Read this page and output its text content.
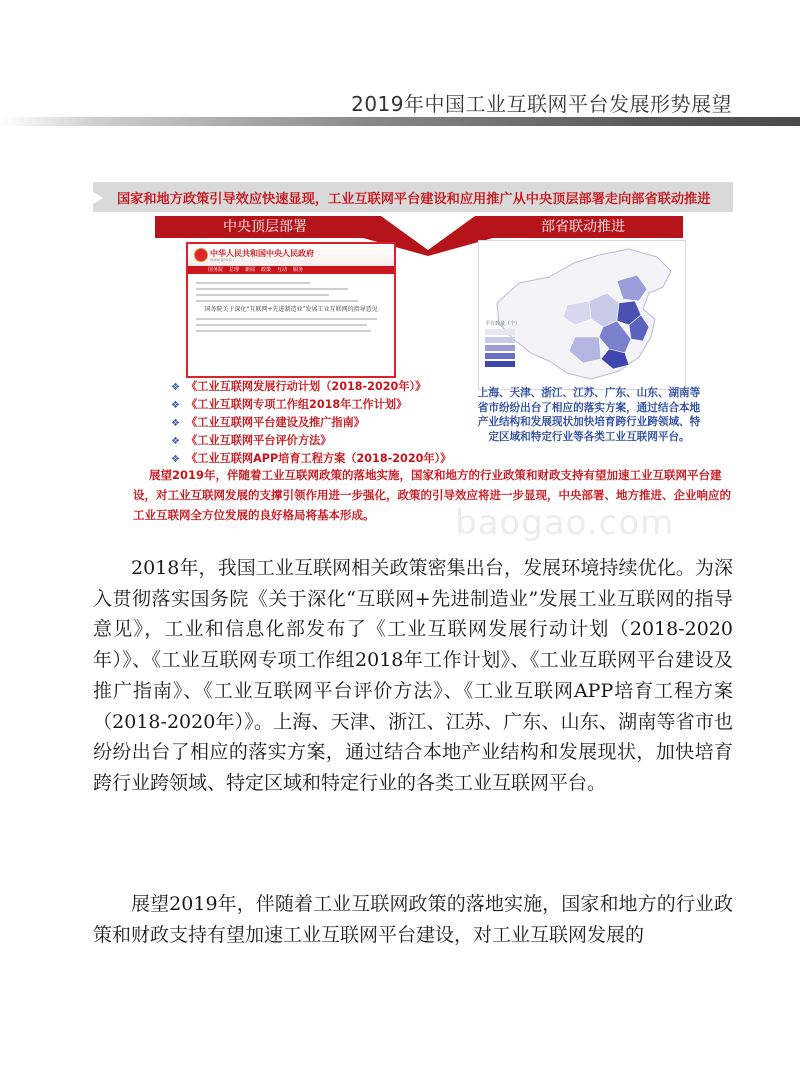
2019年中国工业互联网平台发展形势展望
国家和地方政策引导效应快速显现，工业互联网平台建设和应用推广从中央顶层部署走向部省联动推进
中央顶层部署	部省联动推进
中华人民共和国中央人民政府
www.gov.cn
国务院 总理 新闻 政策 互动 服务
国务院关于深化“互联网+先进制造业”发展工业互联网的指导意见
❖ 《工业互联网发展行动计划（2018-2020年）》
❖ 《工业互联网专项工作组2018年工作计划》
❖ 《工业互联网平台建设及推广指南》
❖ 《工业互联网平台评价方法》
❖ 《工业互联网APP培育工程方案（2018-2020年）》
平台数量（个）
上海、天津、浙江、江苏、广东、山东、湖南等省市纷纷出台了相应的落实方案，通过结合本地产业结构和发展现状加快培育跨行业跨领域、特定区域和特定行业等各类工业互联网平台。
展望2019年，伴随着工业互联网政策的落地实施，国家和地方的行业政策和财政支持有望加速工业互联网平台建设，对工业互联网发展的支撑引领作用进一步强化，政策的引导效应将进一步显现，中央部署、地方推进、企业响应的工业互联网全方位发展的良好格局将基本形成。	baogao.com

2018年，我国工业互联网相关政策密集出台，发展环境持续优化。为深入贯彻落实国务院《关于深化“互联网+先进制造业”发展工业互联网的指导意见》，工业和信息化部发布了《工业互联网发展行动计划（2018-2020年）》、《工业互联网专项工作组2018年工作计划》、《工业互联网平台建设及推广指南》、《工业互联网平台评价方法》、《工业互联网APP培育工程方案（2018-2020年）》。上海、天津、浙江、江苏、广东、山东、湖南等省市也纷纷出台了相应的落实方案，通过结合本地产业结构和发展现状，加快培育跨行业跨领域、特定区域和特定行业的各类工业互联网平台。

展望2019年，伴随着工业互联网政策的落地实施，国家和地方的行业政策和财政支持有望加速工业互联网平台建设，对工业互联网发展的
